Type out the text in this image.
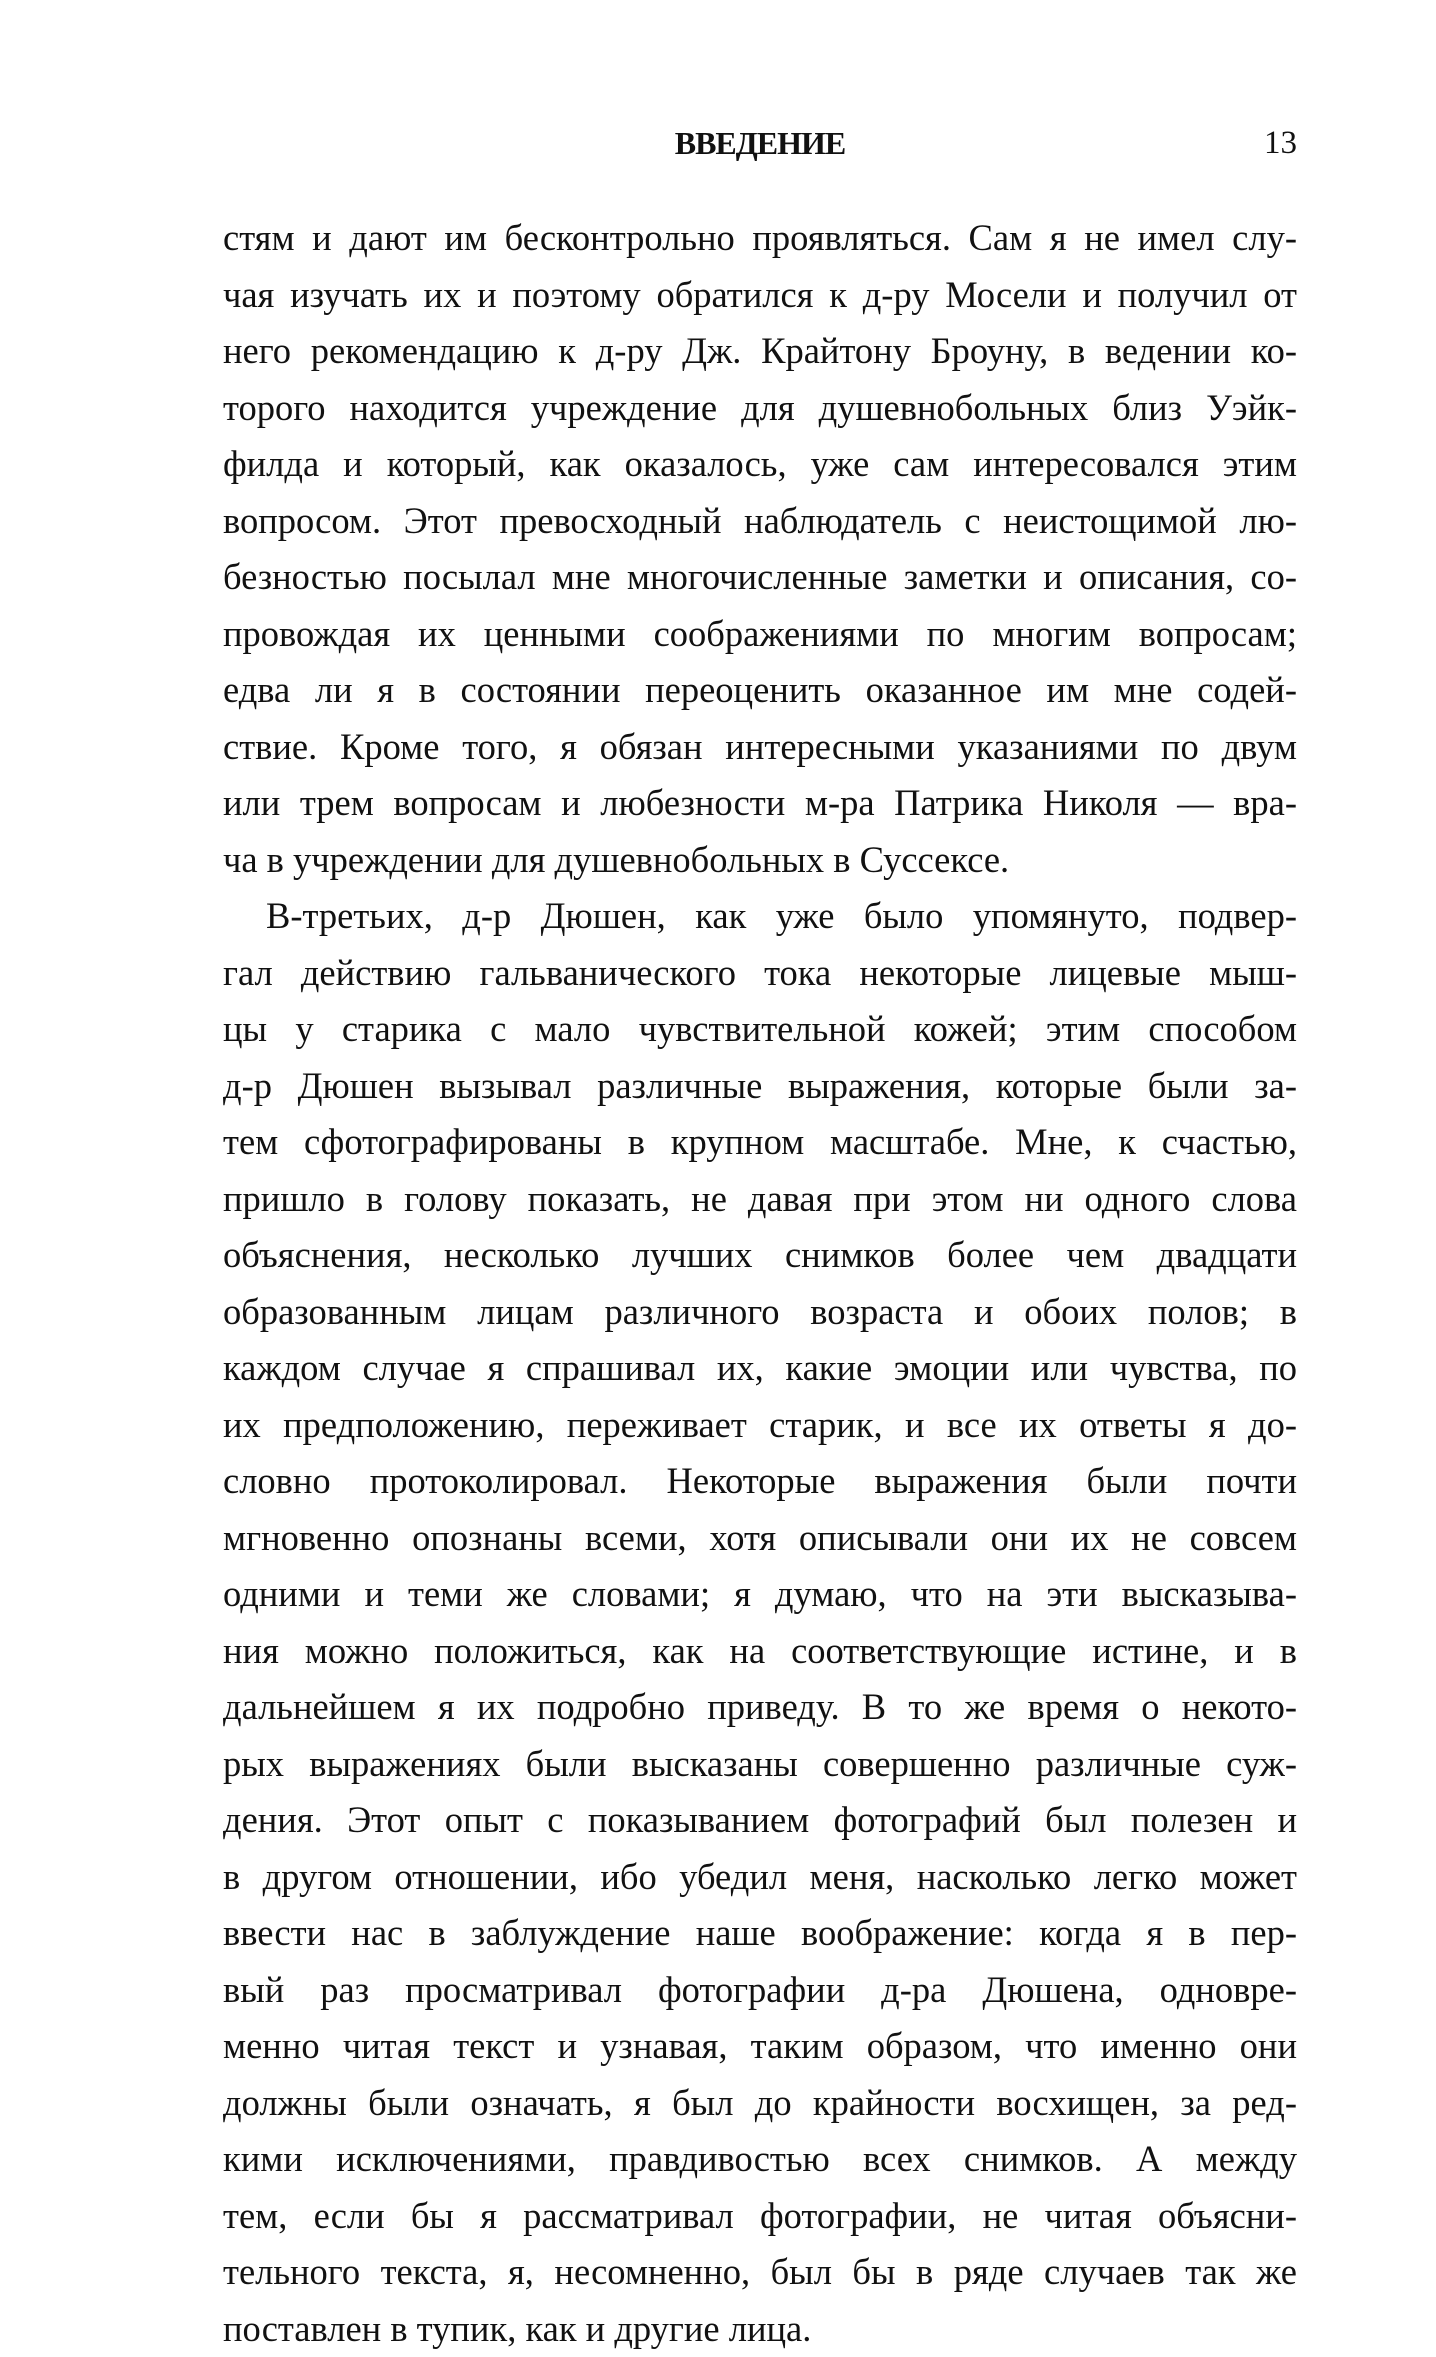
ВВЕДЕНИЕ	13
стям и дают им бесконтрольно проявляться. Сам я не имел слу-
чая изучать их и поэтому обратился к д-ру Мосели и получил от
него рекомендацию к д-ру Дж. Крайтону Броуну, в ведении ко-
торого находится учреждение для душевнобольных близ Уэйк-
филда и который, как оказалось, уже сам интересовался этим
вопросом. Этот превосходный наблюдатель с неистощимой лю-
безностью посылал мне многочисленные заметки и описания, со-
провождая их ценными соображениями по многим вопросам;
едва ли я в состоянии переоценить оказанное им мне содей-
ствие. Кроме того, я обязан интересными указаниями по двум
или трем вопросам и любезности м-ра Патрика Николя — вра-
ча в учреждении для душевнобольных в Суссексе.
В-третьих, д-р Дюшен, как уже было упомянуто, подвер-
гал действию гальванического тока некоторые лицевые мыш-
цы у старика с мало чувствительной кожей; этим способом
д-р Дюшен вызывал различные выражения, которые были за-
тем сфотографированы в крупном масштабе. Мне, к счастью,
пришло в голову показать, не давая при этом ни одного слова
объяснения, несколько лучших снимков более чем двадцати
образованным лицам различного возраста и обоих полов; в
каждом случае я спрашивал их, какие эмоции или чувства, по
их предположению, переживает старик, и все их ответы я до-
словно протоколировал. Некоторые выражения были почти
мгновенно опознаны всеми, хотя описывали они их не совсем
одними и теми же словами; я думаю, что на эти высказыва-
ния можно положиться, как на соответствующие истине, и в
дальнейшем я их подробно приведу. В то же время о некото-
рых выражениях были высказаны совершенно различные суж-
дения. Этот опыт с показыванием фотографий был полезен и
в другом отношении, ибо убедил меня, насколько легко может
ввести нас в заблуждение наше воображение: когда я в пер-
вый раз просматривал фотографии д-ра Дюшена, одновре-
менно читая текст и узнавая, таким образом, что именно они
должны были означать, я был до крайности восхищен, за ред-
кими исключениями, правдивостью всех снимков. А между
тем, если бы я рассматривал фотографии, не читая объясни-
тельного текста, я, несомненно, был бы в ряде случаев так же
поставлен в тупик, как и другие лица.
